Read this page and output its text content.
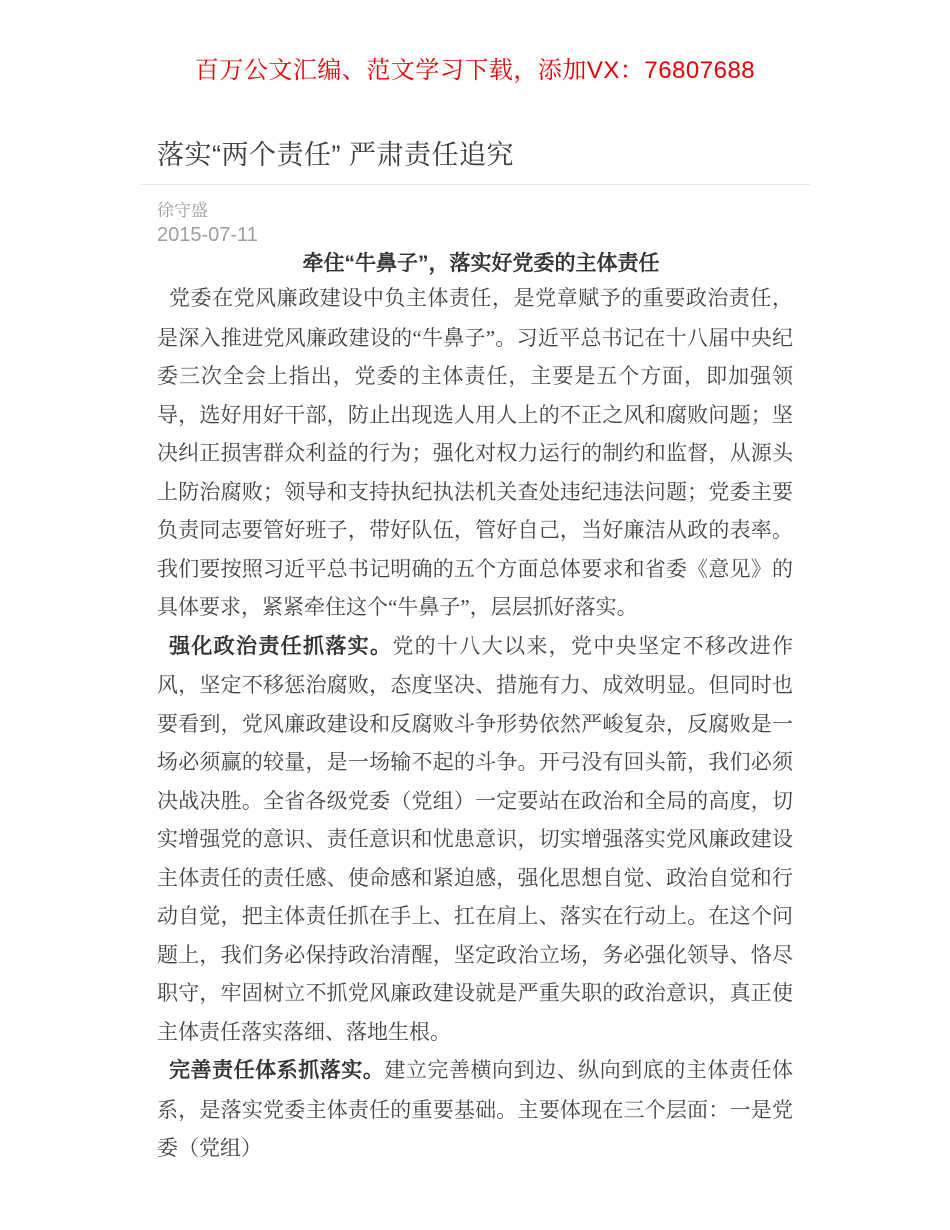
百万公文汇编、范文学习下载，添加VX：76807688
落实“两个责任” 严肃责任追究
徐守盛
2015-07-11

牵住“牛鼻子”，落实好党委的主体责任

党委在党风廉政建设中负主体责任，是党章赋予的重要政治责任，是深入推进党风廉政建设的“牛鼻子”。习近平总书记在十八届中央纪委三次全会上指出，党委的主体责任，主要是五个方面，即加强领导，选好用好干部，防止出现选人用人上的不正之风和腐败问题；坚决纠正损害群众利益的行为；强化对权力运行的制约和监督，从源头上防治腐败；领导和支持执纪执法机关查处违纪违法问题；党委主要负责同志要管好班子，带好队伍，管好自己，当好廉洁从政的表率。我们要按照习近平总书记明确的五个方面总体要求和省委《意见》的具体要求，紧紧牵住这个“牛鼻子”，层层抓好落实。

强化政治责任抓落实。党的十八大以来，党中央坚定不移改进作风，坚定不移惩治腐败，态度坚决、措施有力、成效明显。但同时也要看到，党风廉政建设和反腐败斗争形势依然严峻复杂，反腐败是一场必须赢的较量，是一场输不起的斗争。开弓没有回头箭，我们必须决战决胜。全省各级党委（党组）一定要站在政治和全局的高度，切实增强党的意识、责任意识和忧患意识，切实增强落实党风廉政建设主体责任的责任感、使命感和紧迫感，强化思想自觉、政治自觉和行动自觉，把主体责任抓在手上、扛在肩上、落实在行动上。在这个问题上，我们务必保持政治清醒，坚定政治立场，务必强化领导、恪尽职守，牢固树立不抓党风廉政建设就是严重失职的政治意识，真正使主体责任落实落细、落地生根。

完善责任体系抓落实。建立完善横向到边、纵向到底的主体责任体系，是落实党委主体责任的重要基础。主要体现在三个层面：一是党委（党组）
